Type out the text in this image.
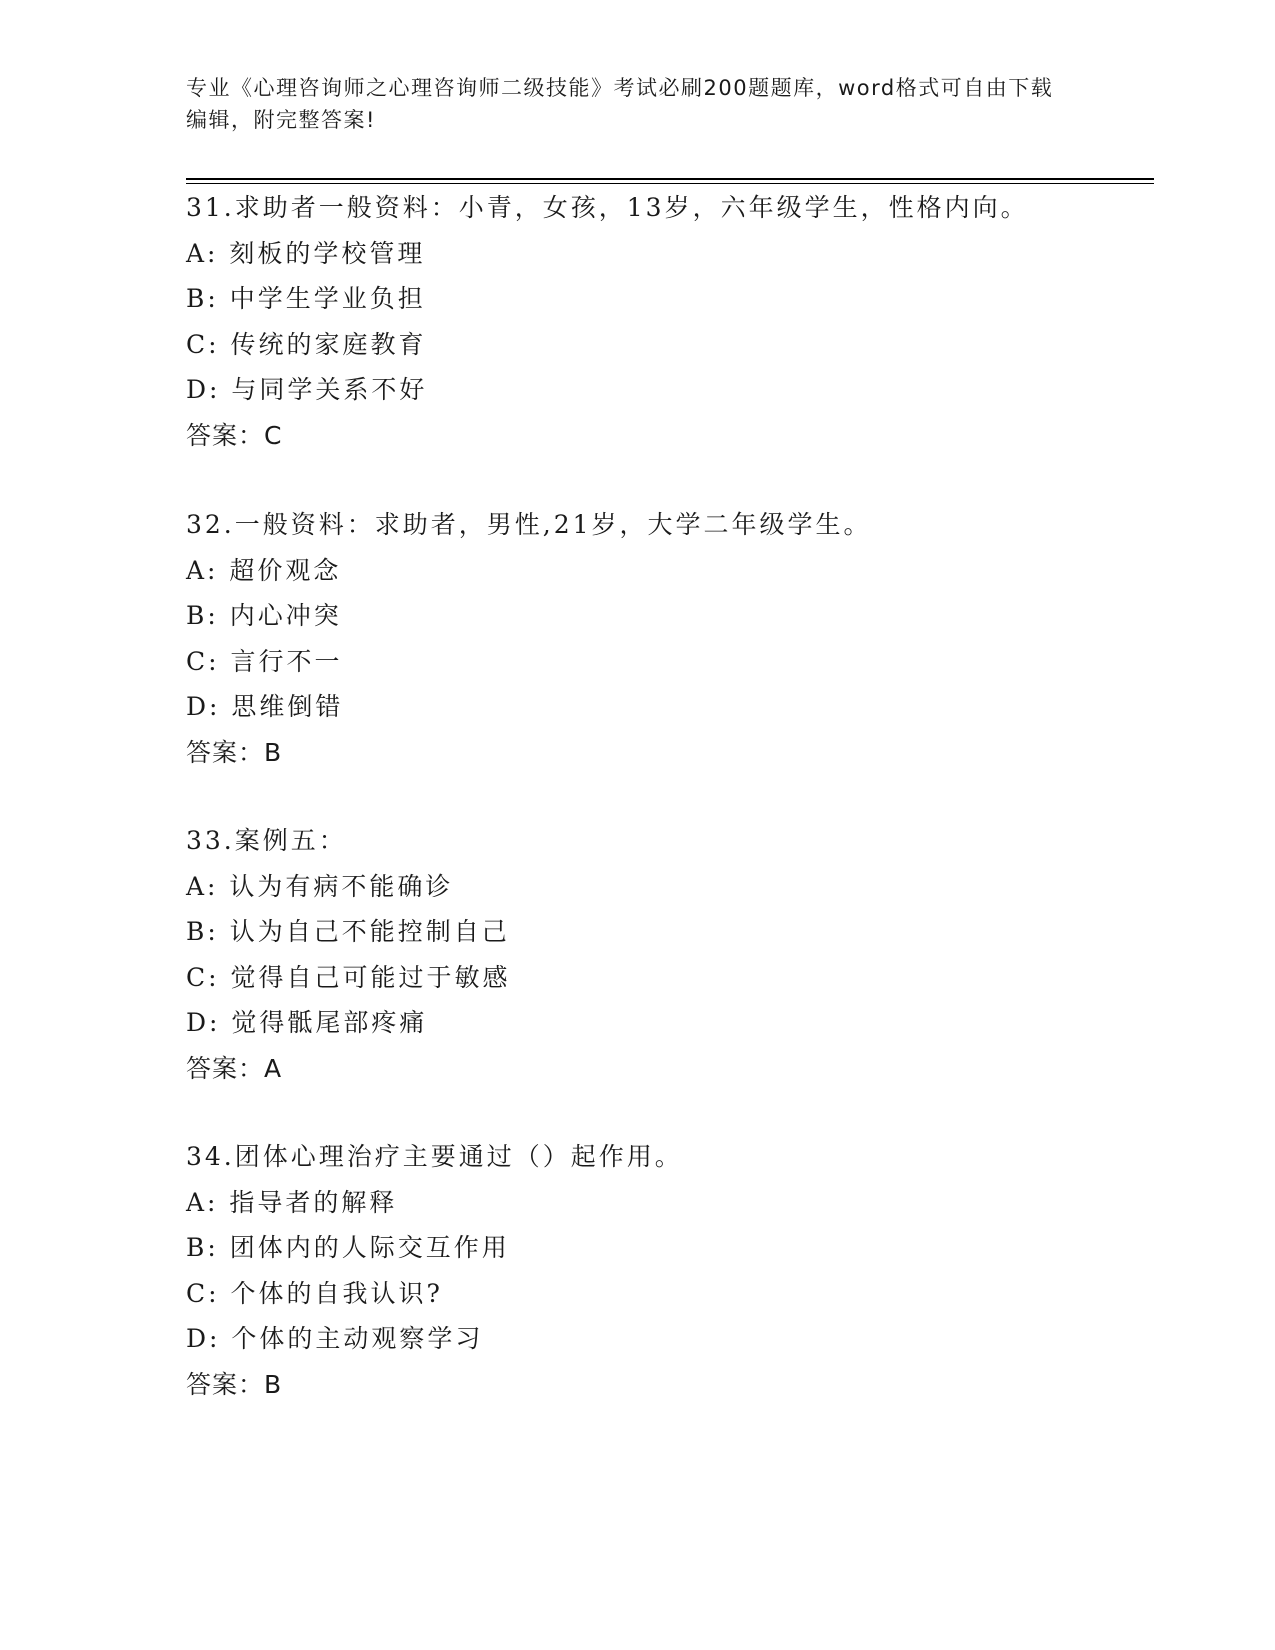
专业《心理咨询师之心理咨询师二级技能》考试必刷200题题库，word格式可自由下载编辑，附完整答案!
31.求助者一般资料：小青，女孩，13岁，六年级学生，性格内向。
A: 刻板的学校管理
B: 中学生学业负担
C: 传统的家庭教育
D: 与同学关系不好
答案：C
32.一般资料：求助者，男性,21岁，大学二年级学生。
A: 超价观念
B: 内心冲突
C: 言行不一
D: 思维倒错
答案：B
33.案例五：
A: 认为有病不能确诊
B: 认为自己不能控制自己
C: 觉得自己可能过于敏感
D: 觉得骶尾部疼痛
答案：A
34.团体心理治疗主要通过（）起作用。
A: 指导者的解释
B: 团体内的人际交互作用
C: 个体的自我认识?
D: 个体的主动观察学习
答案：B
